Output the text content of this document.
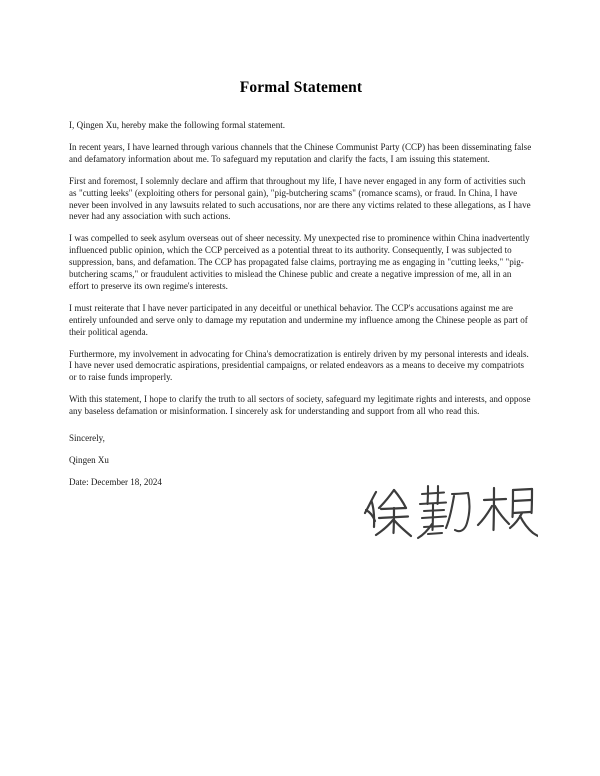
Formal Statement

I, Qingen Xu, hereby make the following formal statement.

In recent years, I have learned through various channels that the Chinese Communist Party (CCP) has been disseminating false and defamatory information about me. To safeguard my reputation and clarify the facts, I am issuing this statement.

First and foremost, I solemnly declare and affirm that throughout my life, I have never engaged in any form of activities such as "cutting leeks" (exploiting others for personal gain), "pig-butchering scams" (romance scams), or fraud. In China, I have never been involved in any lawsuits related to such accusations, nor are there any victims related to these allegations, as I have never had any association with such actions.

I was compelled to seek asylum overseas out of sheer necessity. My unexpected rise to prominence within China inadvertently influenced public opinion, which the CCP perceived as a potential threat to its authority. Consequently, I was subjected to suppression, bans, and defamation. The CCP has propagated false claims, portraying me as engaging in "cutting leeks," "pig-butchering scams," or fraudulent activities to mislead the Chinese public and create a negative impression of me, all in an effort to preserve its own regime's interests.

I must reiterate that I have never participated in any deceitful or unethical behavior. The CCP's accusations against me are entirely unfounded and serve only to damage my reputation and undermine my influence among the Chinese people as part of their political agenda.

Furthermore, my involvement in advocating for China's democratization is entirely driven by my personal interests and ideals. I have never used democratic aspirations, presidential campaigns, or related endeavors as a means to deceive my compatriots or to raise funds improperly.

With this statement, I hope to clarify the truth to all sectors of society, safeguard my legitimate rights and interests, and oppose any baseless defamation or misinformation. I sincerely ask for understanding and support from all who read this.

Sincerely,

Qingen Xu

Date: December 18, 2024
